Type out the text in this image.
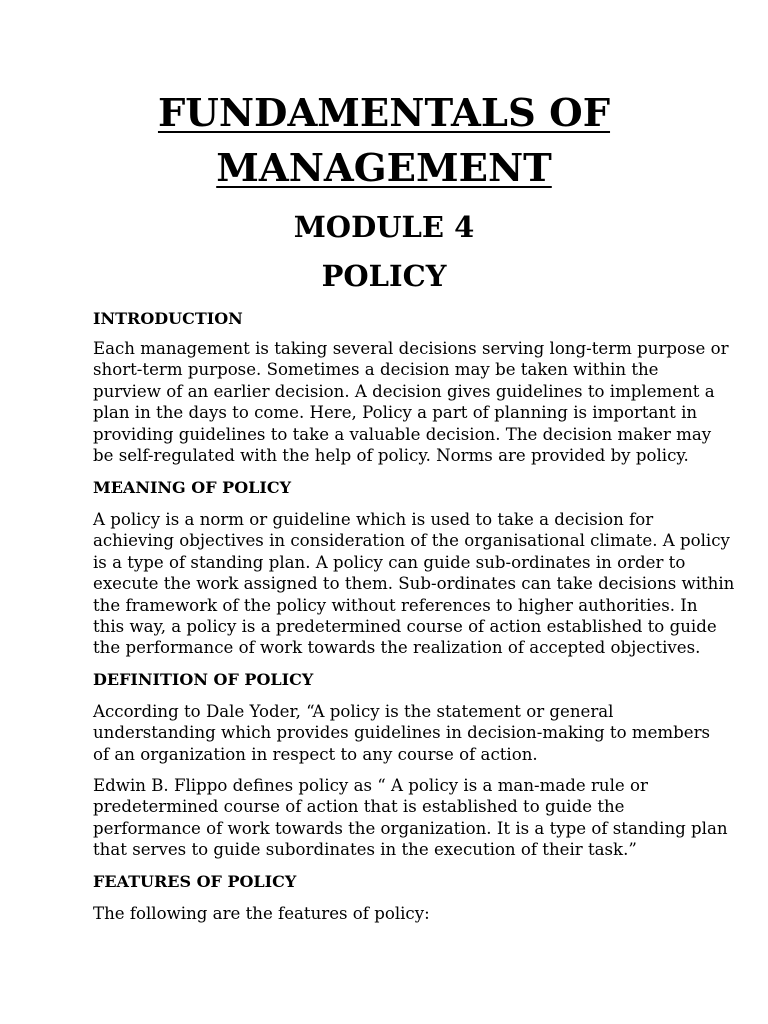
FUNDAMENTALS OF
MANAGEMENT
MODULE 4
POLICY
INTRODUCTION

Each management is taking several decisions serving long-term purpose or
short-term purpose. Sometimes a decision may be taken within the
purview of an earlier decision. A decision gives guidelines to implement a
plan in the days to come. Here, Policy a part of planning is important in
providing guidelines to take a valuable decision. The decision maker may
be self-regulated with the help of policy. Norms are provided by policy.

MEANING OF POLICY

A policy is a norm or guideline which is used to take a decision for
achieving objectives in consideration of the organisational climate. A policy
is a type of standing plan. A policy can guide sub-ordinates in order to
execute the work assigned to them. Sub-ordinates can take decisions within
the framework of the policy without references to higher authorities. In
this way, a policy is a predetermined course of action established to guide
the performance of work towards the realization of accepted objectives.

DEFINITION OF POLICY

According to Dale Yoder, “A policy is the statement or general
understanding which provides guidelines in decision-making to members
of an organization in respect to any course of action.

Edwin B. Flippo defines policy as “ A policy is a man-made rule or
predetermined course of action that is established to guide the
performance of work towards the organization. It is a type of standing plan
that serves to guide subordinates in the execution of their task.”

FEATURES OF POLICY

The following are the features of policy:
